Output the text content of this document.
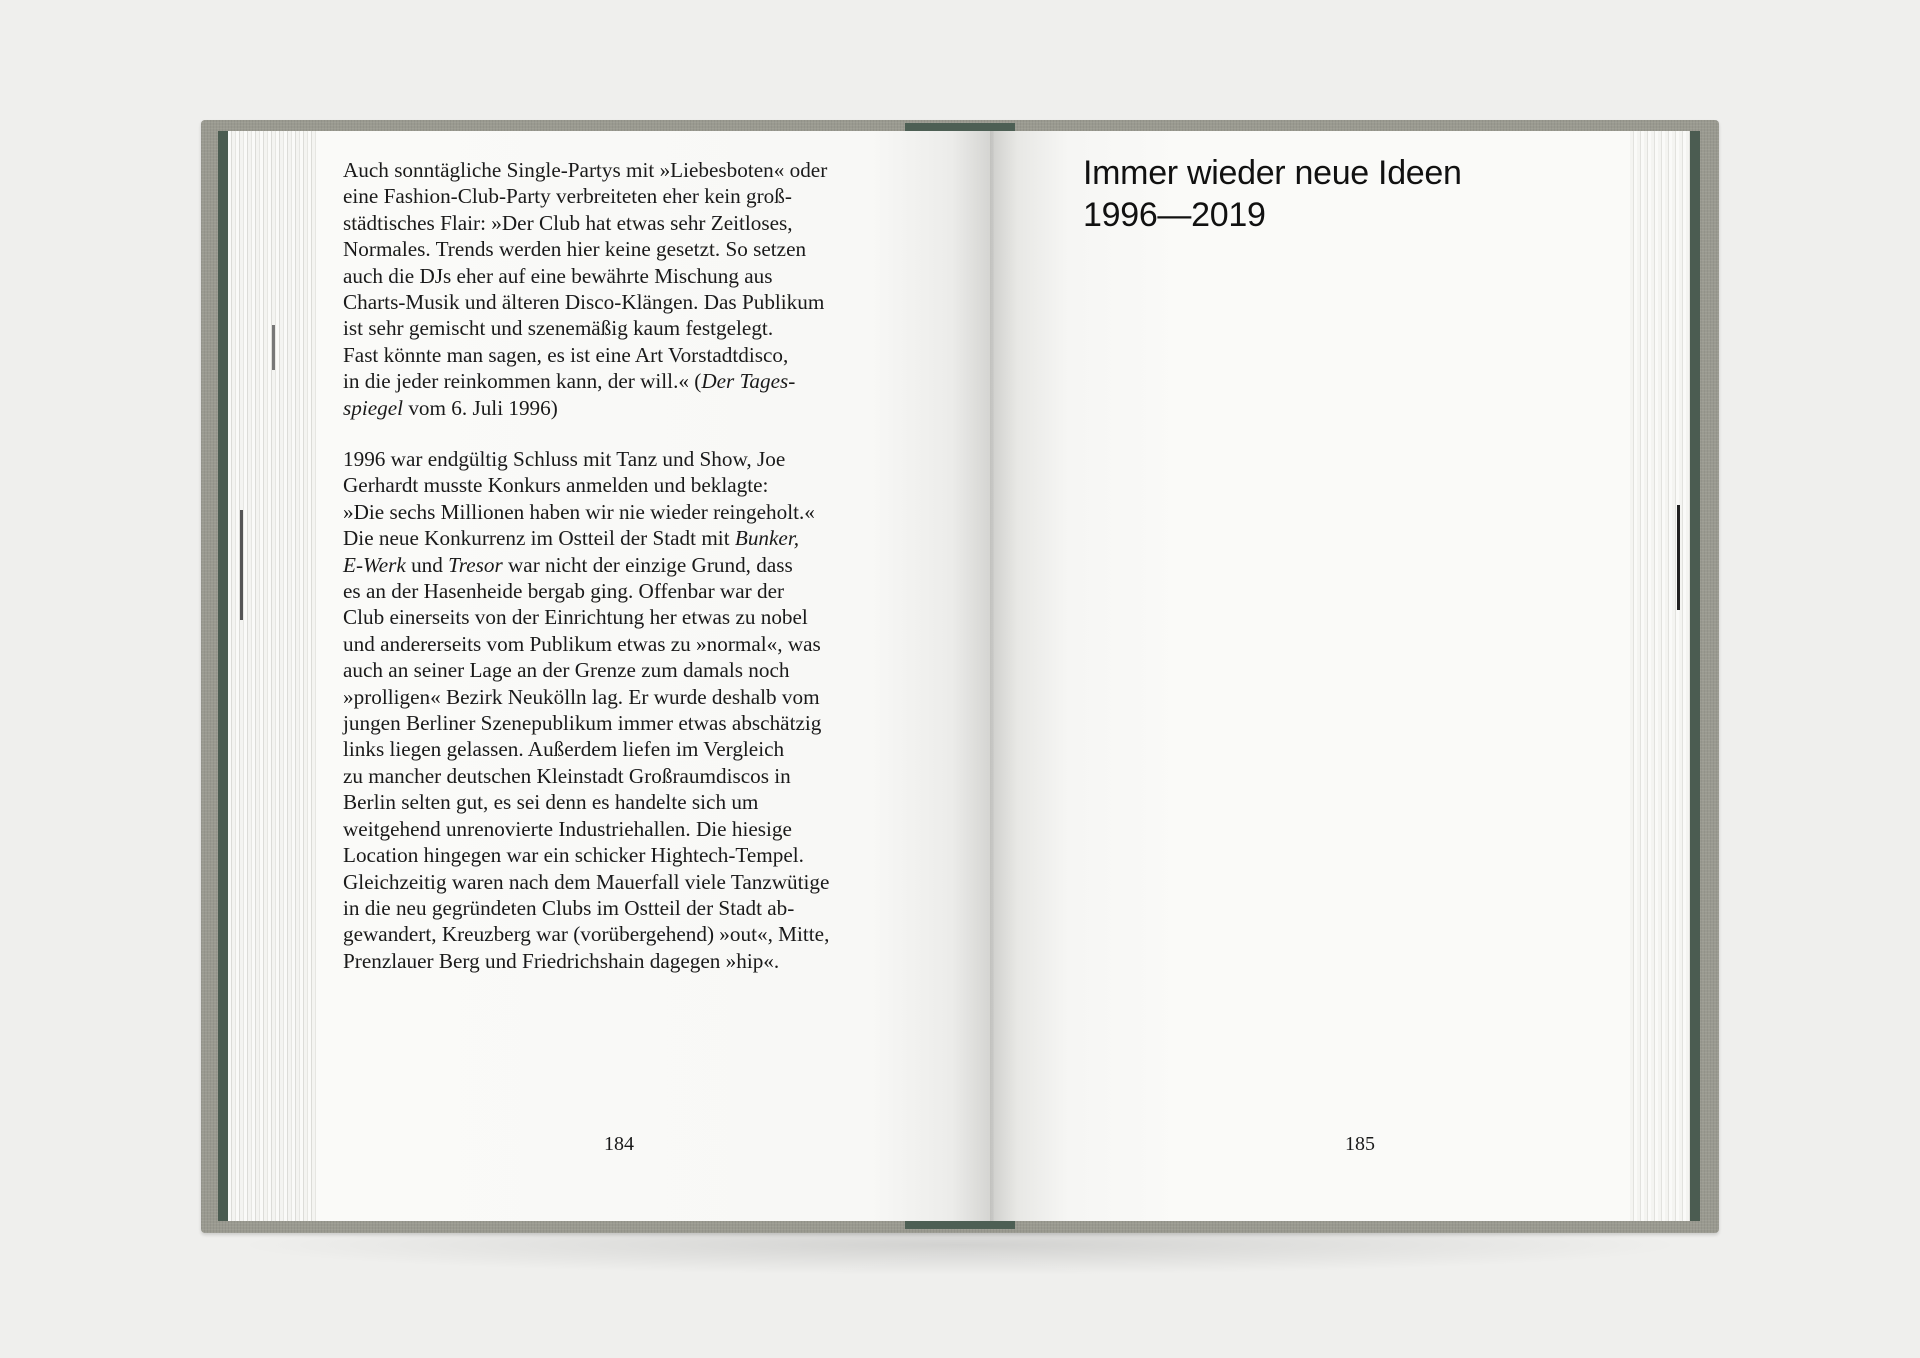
Auch sonntägliche Single-Partys mit »Liebesboten« oder
eine Fashion-Club-Party verbreiteten eher kein groß-
städtisches Flair: »Der Club hat etwas sehr Zeitloses,
Normales. Trends werden hier keine gesetzt. So setzen
auch die DJs eher auf eine bewährte Mischung aus
Charts-Musik und älteren Disco-Klängen. Das Publikum
ist sehr gemischt und szenemäßig kaum festgelegt.
Fast könnte man sagen, es ist eine Art Vorstadtdisco,
in die jeder reinkommen kann, der will.« (Der Tages-
spiegel vom 6. Juli 1996)
1996 war endgültig Schluss mit Tanz und Show, Joe
Gerhardt musste Konkurs anmelden und beklagte:
»Die sechs Millionen haben wir nie wieder reingeholt.«
Die neue Konkurrenz im Ostteil der Stadt mit Bunker,
E-Werk und Tresor war nicht der einzige Grund, dass
es an der Hasenheide bergab ging. Offenbar war der
Club einerseits von der Einrichtung her etwas zu nobel
und andererseits vom Publikum etwas zu »normal«, was
auch an seiner Lage an der Grenze zum damals noch
»prolligen« Bezirk Neukölln lag. Er wurde deshalb vom
jungen Berliner Szenepublikum immer etwas abschätzig
links liegen gelassen. Außerdem liefen im Vergleich
zu mancher deutschen Kleinstadt Großraumdiscos in
Berlin selten gut, es sei denn es handelte sich um
weitgehend unrenovierte Industriehallen. Die hiesige
Location hingegen war ein schicker Hightech-Tempel.
Gleichzeitig waren nach dem Mauerfall viele Tanzwütige
in die neu gegründeten Clubs im Ostteil der Stadt ab-
gewandert, Kreuzberg war (vorübergehend) »out«, Mitte,
Prenzlauer Berg und Friedrichshain dagegen »hip«.
184
Immer wieder neue Ideen
1996—2019
185
